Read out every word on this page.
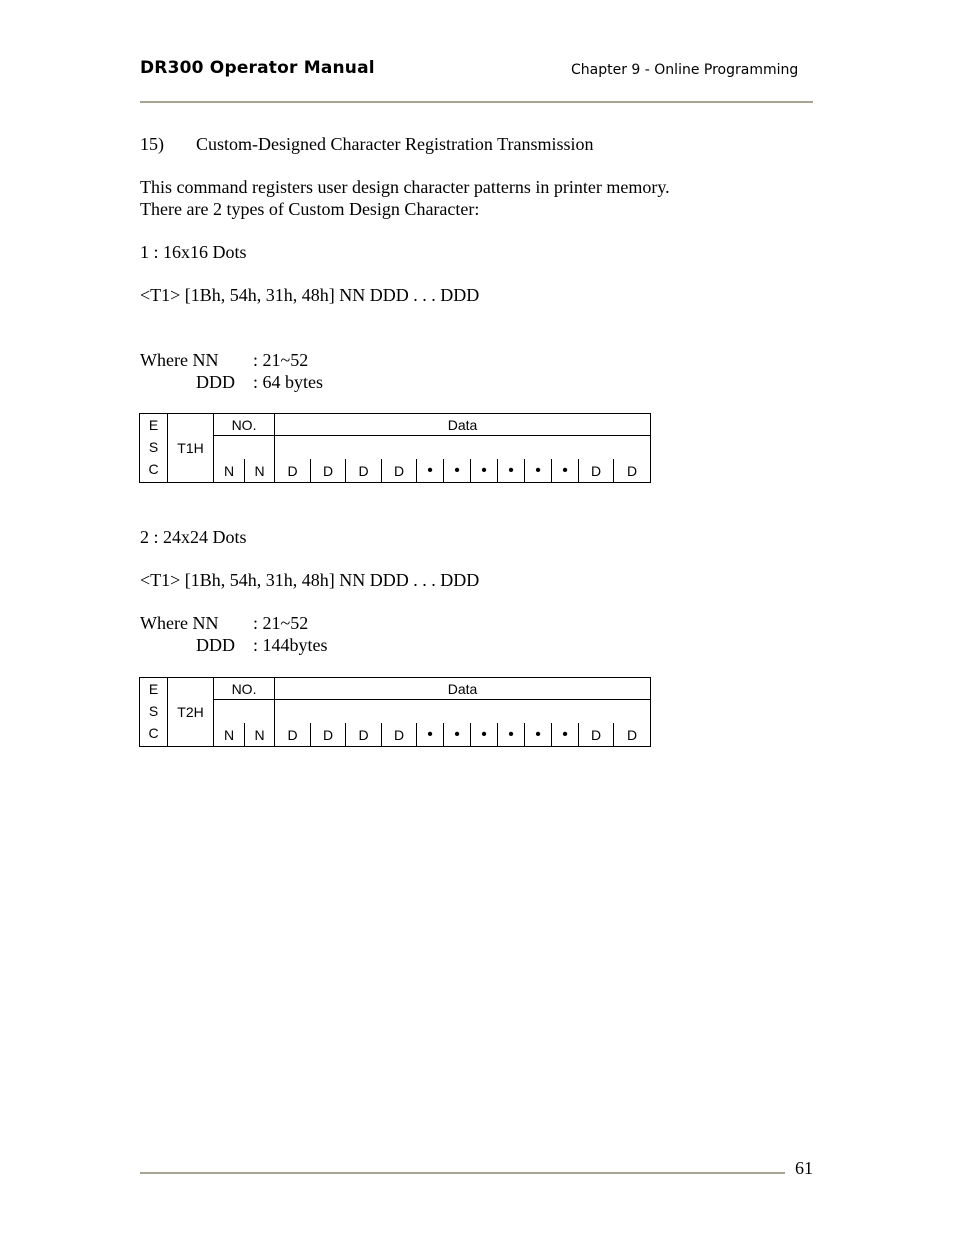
DR300 Operator Manual	Chapter 9 - Online Programming
15) Custom-Designed Character Registration Transmission
This command registers user design character patterns in printer memory.
There are 2 types of Custom Design Character:
1 : 16x16 Dots
<T1> [1Bh, 54h, 31h, 48h] NN DDD . . . DDD
Where NN : 21~52
DDD : 64 bytes
E
S
C	T1H	NO.		Data											

		N	N	D	D	D	D	•	•	•	•	•	•	D	D
2 : 24x24 Dots
<T1> [1Bh, 54h, 31h, 48h] NN DDD . . . DDD
Where NN : 21~52
DDD : 144bytes
E
S
C	T2H	NO.		Data											

		N	N	D	D	D	D	•	•	•	•	•	•	D	D
61
